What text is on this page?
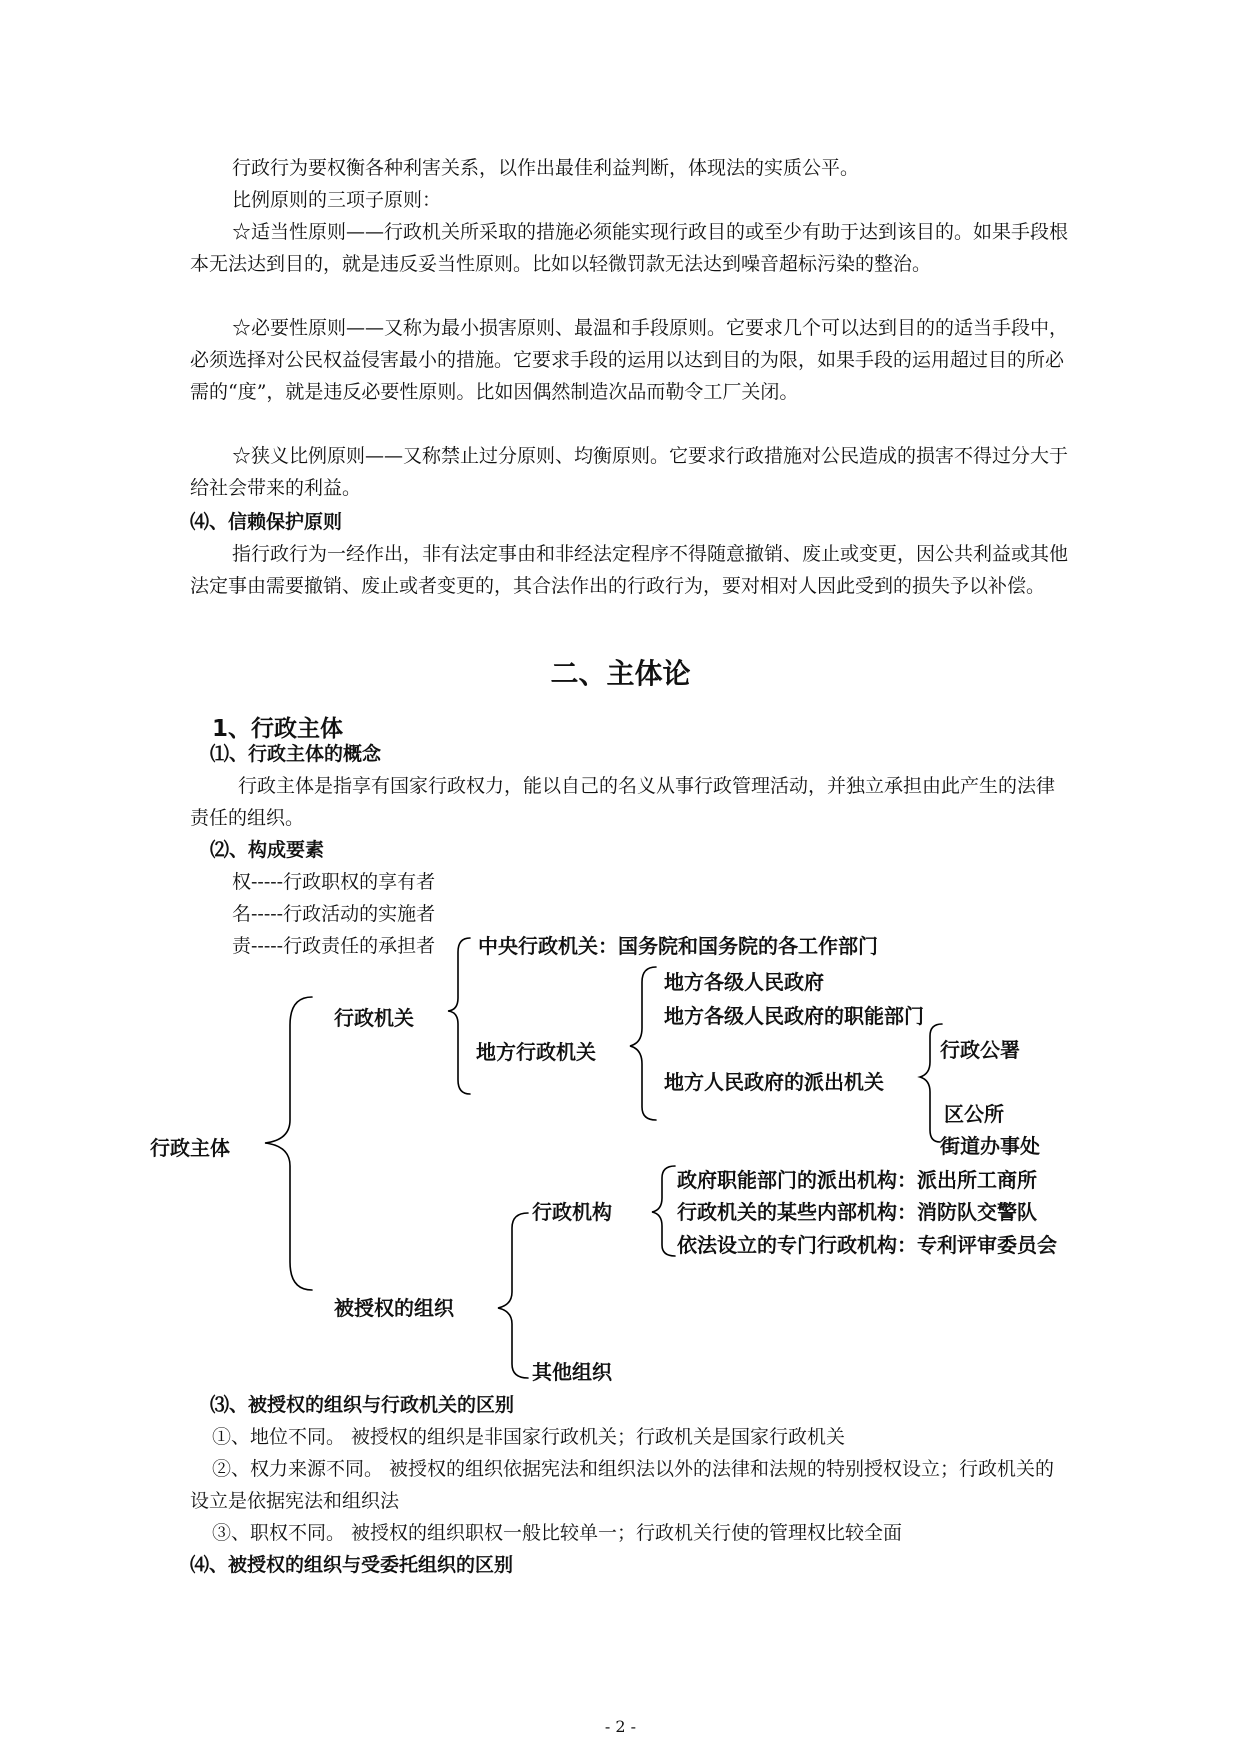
行政行为要权衡各种利害关系，以作出最佳利益判断，体现法的实质公平。

比例原则的三项子原则：

☆适当性原则——行政机关所采取的措施必须能实现行政目的或至少有助于达到该目的。如果手段根本无法达到目的，就是违反妥当性原则。比如以轻微罚款无法达到噪音超标污染的整治。

☆必要性原则——又称为最小损害原则、最温和手段原则。它要求几个可以达到目的的适当手段中，必须选择对公民权益侵害最小的措施。它要求手段的运用以达到目的为限，如果手段的运用超过目的所必需的“度”，就是违反必要性原则。比如因偶然制造次品而勒令工厂关闭。

☆狭义比例原则——又称禁止过分原则、均衡原则。它要求行政措施对公民造成的损害不得过分大于给社会带来的利益。

⑷、信赖保护原则

指行政行为一经作出，非有法定事由和非经法定程序不得随意撤销、废止或变更，因公共利益或其他法定事由需要撤销、废止或者变更的，其合法作出的行政行为，要对相对人因此受到的损失予以补偿。

二、主体论
1、行政主体

⑴、行政主体的概念

行政主体是指享有国家行政权力，能以自己的名义从事行政管理活动，并独立承担由此产生的法律责任的组织。

⑵、构成要素

权-----行政职权的享有者
名-----行政活动的实施者
责-----行政责任的承担者
行政主体
行政机关
中央行政机关：国务院和国务院的各工作部门
地方行政机关
地方各级人民政府
地方各级人民政府的职能部门
地方人民政府的派出机关
行政公署
区公所
街道办事处
被授权的组织
行政机构
政府职能部门的派出机构：派出所工商所
行政机关的某些内部机构：消防队交警队
依法设立的专门行政机构：专利评审委员会
其他组织

⑶、被授权的组织与行政机关的区别

①、地位不同。 被授权的组织是非国家行政机关；行政机关是国家行政机关

②、权力来源不同。 被授权的组织依据宪法和组织法以外的法律和法规的特别授权设立；行政机关的设立是依据宪法和组织法

③、职权不同。 被授权的组织职权一般比较单一；行政机关行使的管理权比较全面

⑷、被授权的组织与受委托组织的区别

- 2 -
